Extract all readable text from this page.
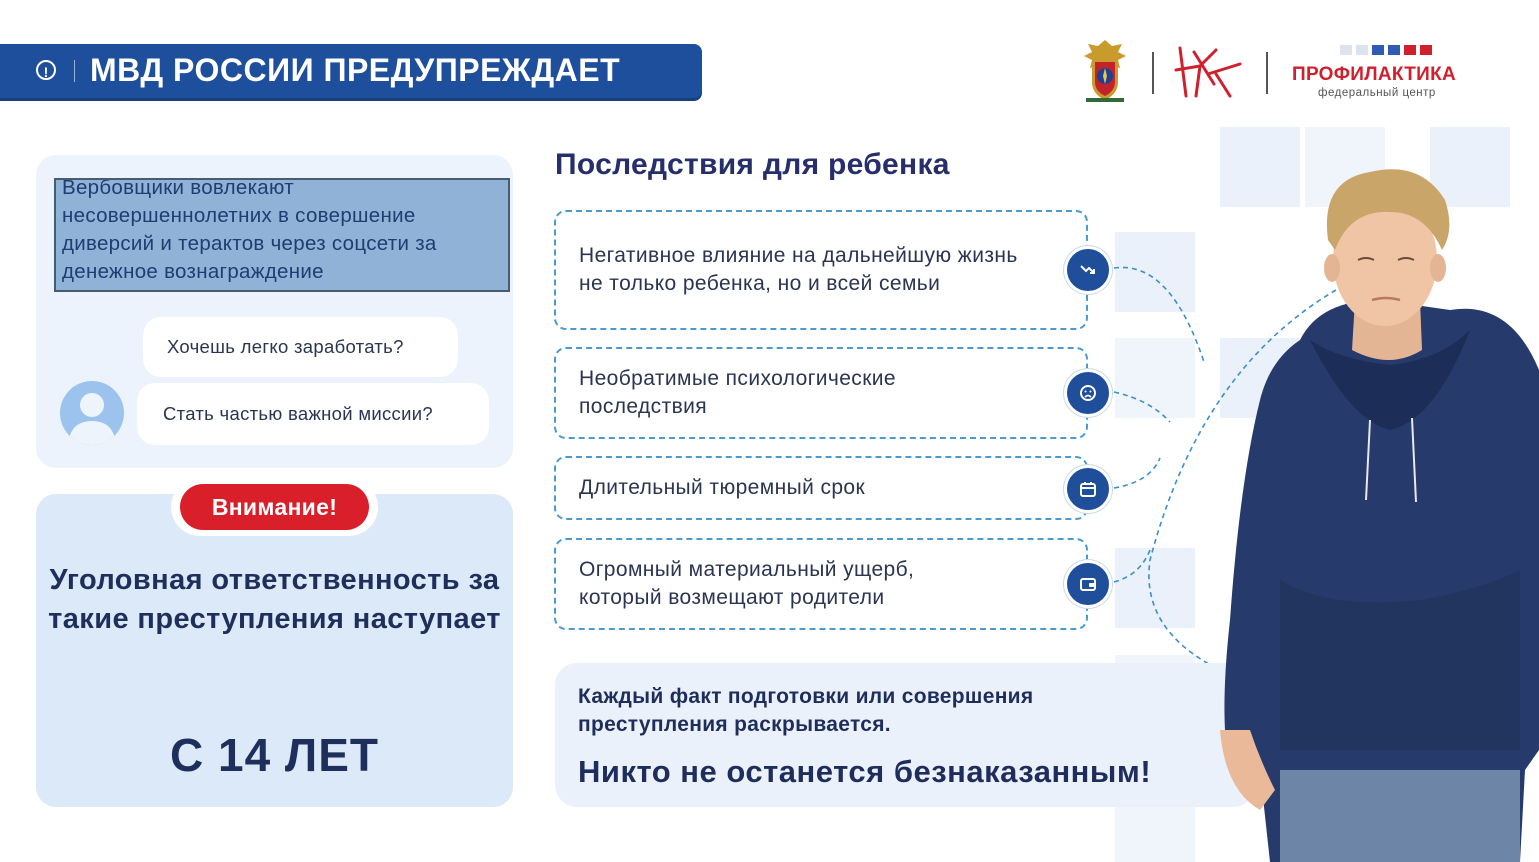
! МВД РОССИИ ПРЕДУПРЕЖДАЕТ	ПРОФИЛАКТИКА
федеральный центр
Вербовщики вовлекают несовершеннолетних в совершение диверсий и терактов через соцсети за денежное вознаграждение
Хочешь легко заработать?
Стать частью важной миссии?
Внимание!
Уголовная ответственность за такие преступления наступает
С 14 ЛЕТ
Последствия для ребенка
Негативное влияние на дальнейшую жизнь не только ребенка, но и всей семьи
Необратимые психологические последствия
Длительный тюремный срок
Огромный материальный ущерб, который возмещают родители
Каждый факт подготовки или совершения преступления раскрывается.
Никто не останется безнаказанным!
